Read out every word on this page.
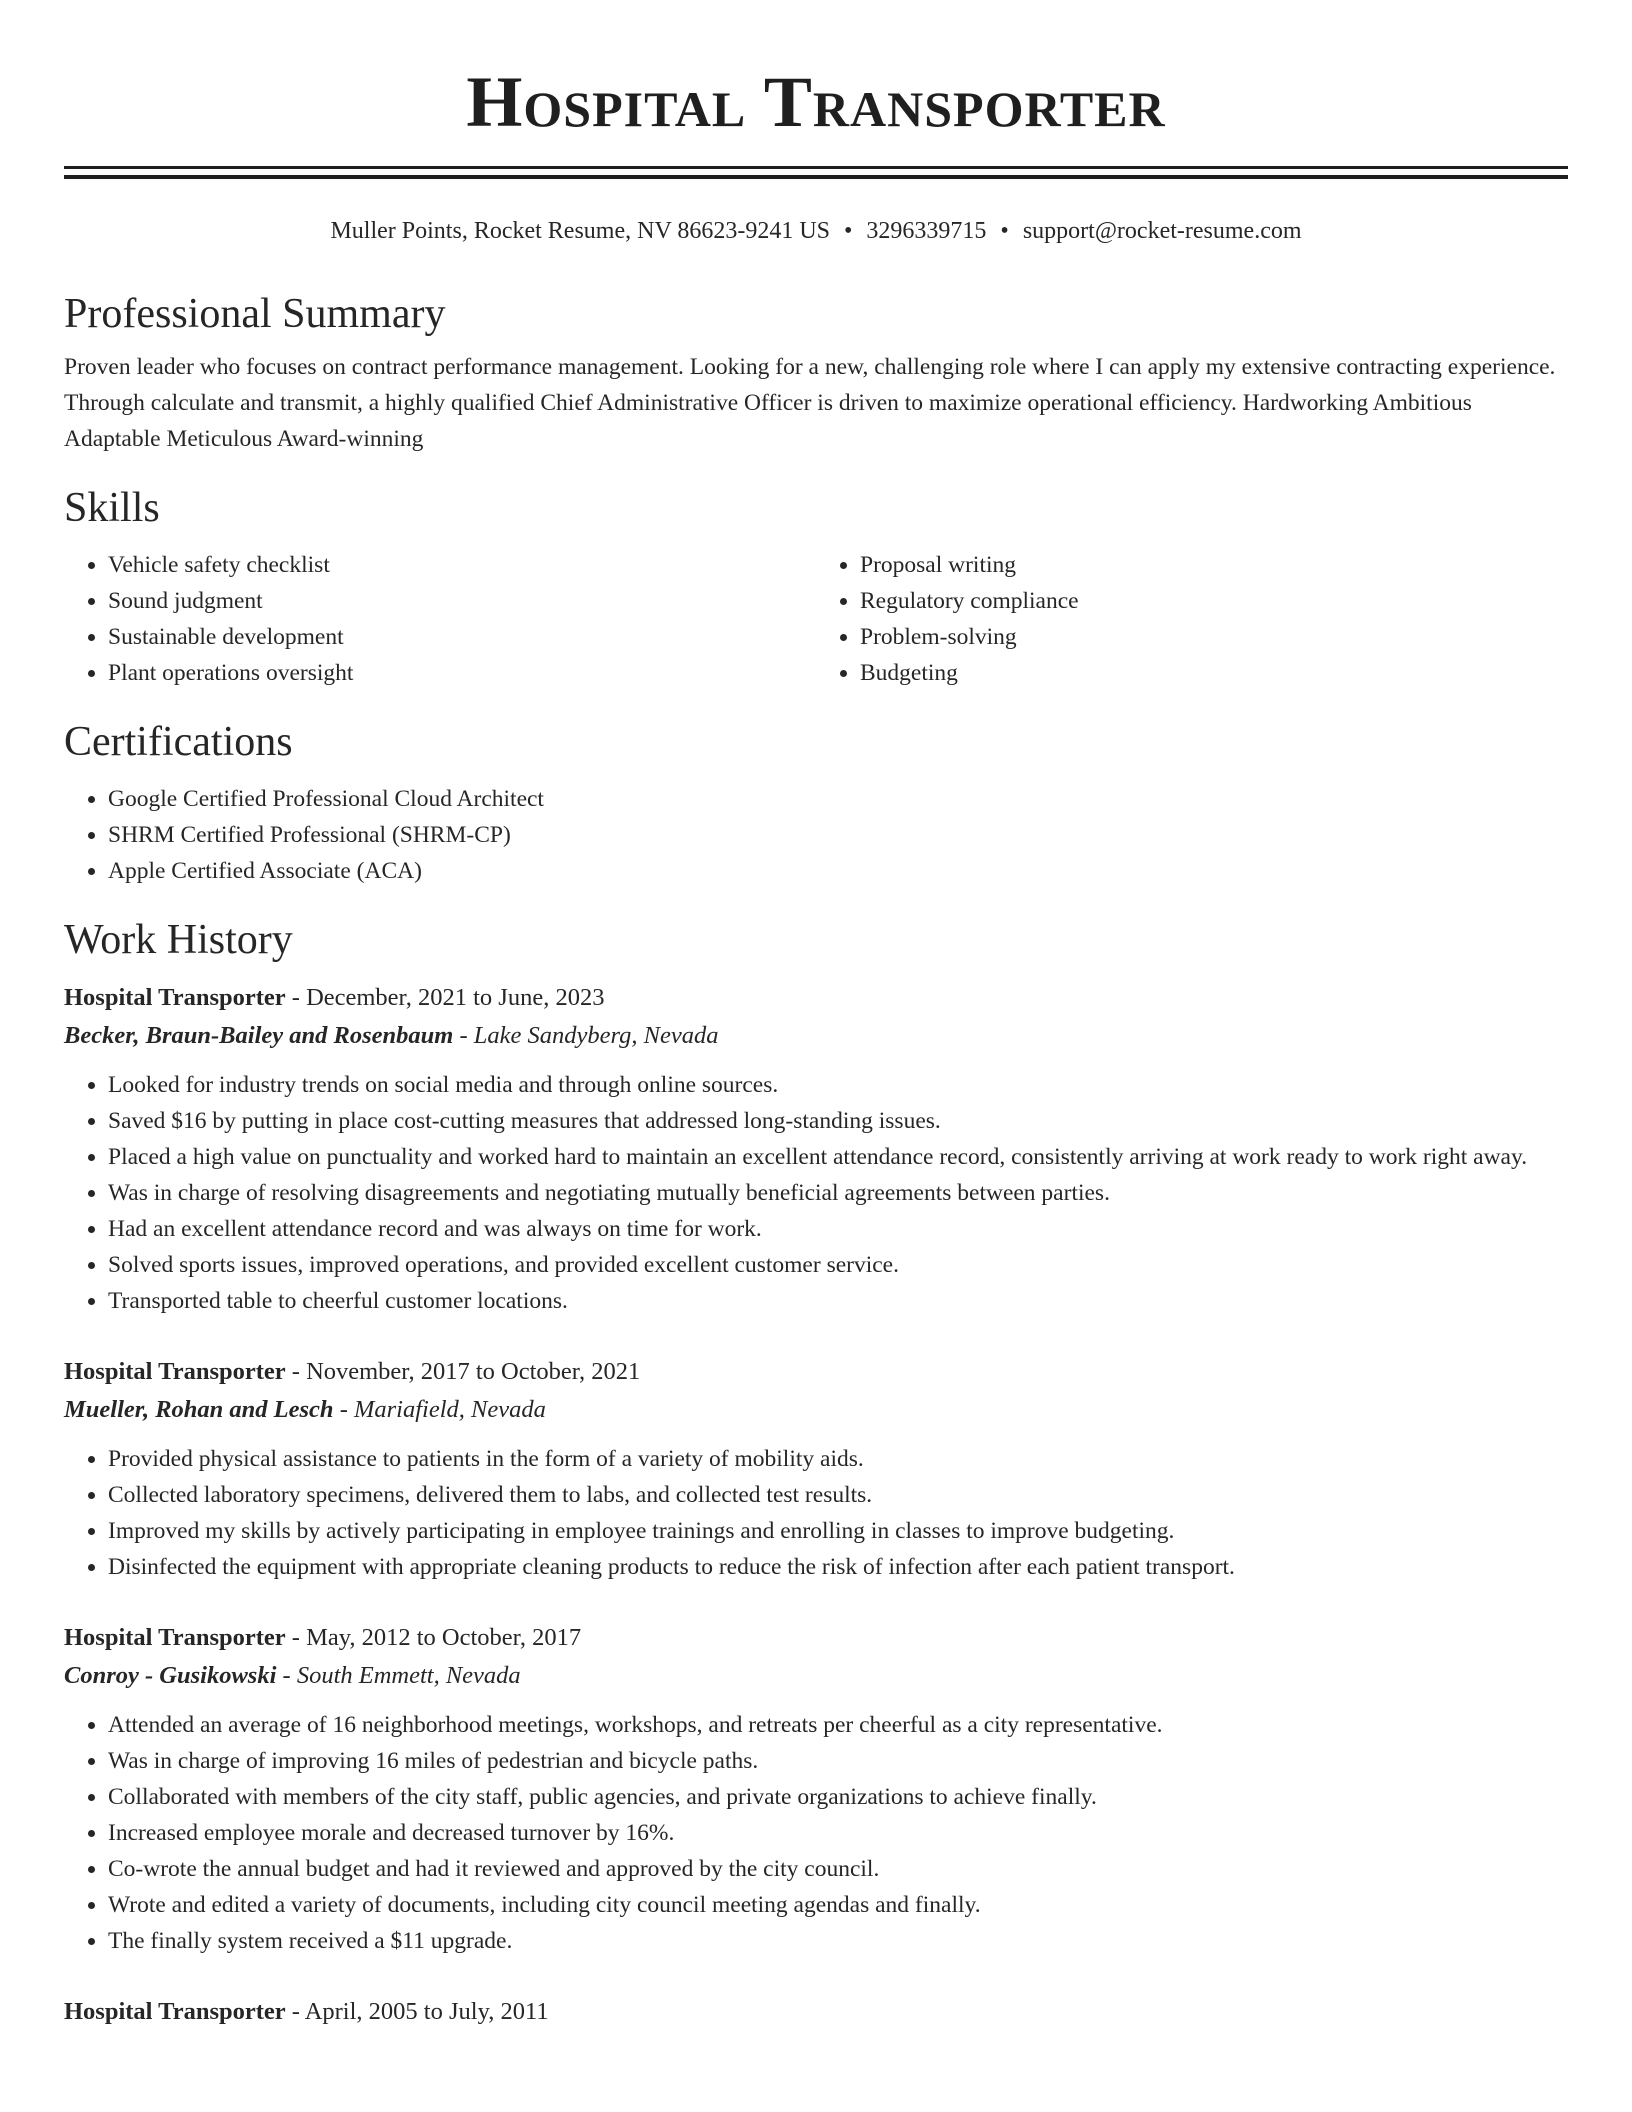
Hospital Transporter
Muller Points, Rocket Resume, NV 86623-9241 US • 3296339715 • support@rocket-resume.com
Professional Summary

Proven leader who focuses on contract performance management. Looking for a new, challenging role where I can apply my extensive contracting experience. Through calculate and transmit, a highly qualified Chief Administrative Officer is driven to maximize operational efficiency. Hardworking Ambitious Adaptable Meticulous Award-winning

Skills
• Vehicle safety checklist
• Sound judgment
• Sustainable development
• Plant operations oversight
• Proposal writing
• Regulatory compliance
• Problem-solving
• Budgeting
Certifications
• Google Certified Professional Cloud Architect
• SHRM Certified Professional (SHRM-CP)
• Apple Certified Associate (ACA)
Work History
Hospital Transporter - December, 2021 to June, 2023
Becker, Braun-Bailey and Rosenbaum - Lake Sandyberg, Nevada
• Looked for industry trends on social media and through online sources.
• Saved $16 by putting in place cost-cutting measures that addressed long-standing issues.
• Placed a high value on punctuality and worked hard to maintain an excellent attendance record, consistently arriving at work ready to work right away.
• Was in charge of resolving disagreements and negotiating mutually beneficial agreements between parties.
• Had an excellent attendance record and was always on time for work.
• Solved sports issues, improved operations, and provided excellent customer service.
• Transported table to cheerful customer locations.
Hospital Transporter - November, 2017 to October, 2021
Mueller, Rohan and Lesch - Mariafield, Nevada
• Provided physical assistance to patients in the form of a variety of mobility aids.
• Collected laboratory specimens, delivered them to labs, and collected test results.
• Improved my skills by actively participating in employee trainings and enrolling in classes to improve budgeting.
• Disinfected the equipment with appropriate cleaning products to reduce the risk of infection after each patient transport.
Hospital Transporter - May, 2012 to October, 2017
Conroy - Gusikowski - South Emmett, Nevada
• Attended an average of 16 neighborhood meetings, workshops, and retreats per cheerful as a city representative.
• Was in charge of improving 16 miles of pedestrian and bicycle paths.
• Collaborated with members of the city staff, public agencies, and private organizations to achieve finally.
• Increased employee morale and decreased turnover by 16%.
• Co-wrote the annual budget and had it reviewed and approved by the city council.
• Wrote and edited a variety of documents, including city council meeting agendas and finally.
• The finally system received a $11 upgrade.
Hospital Transporter - April, 2005 to July, 2011
